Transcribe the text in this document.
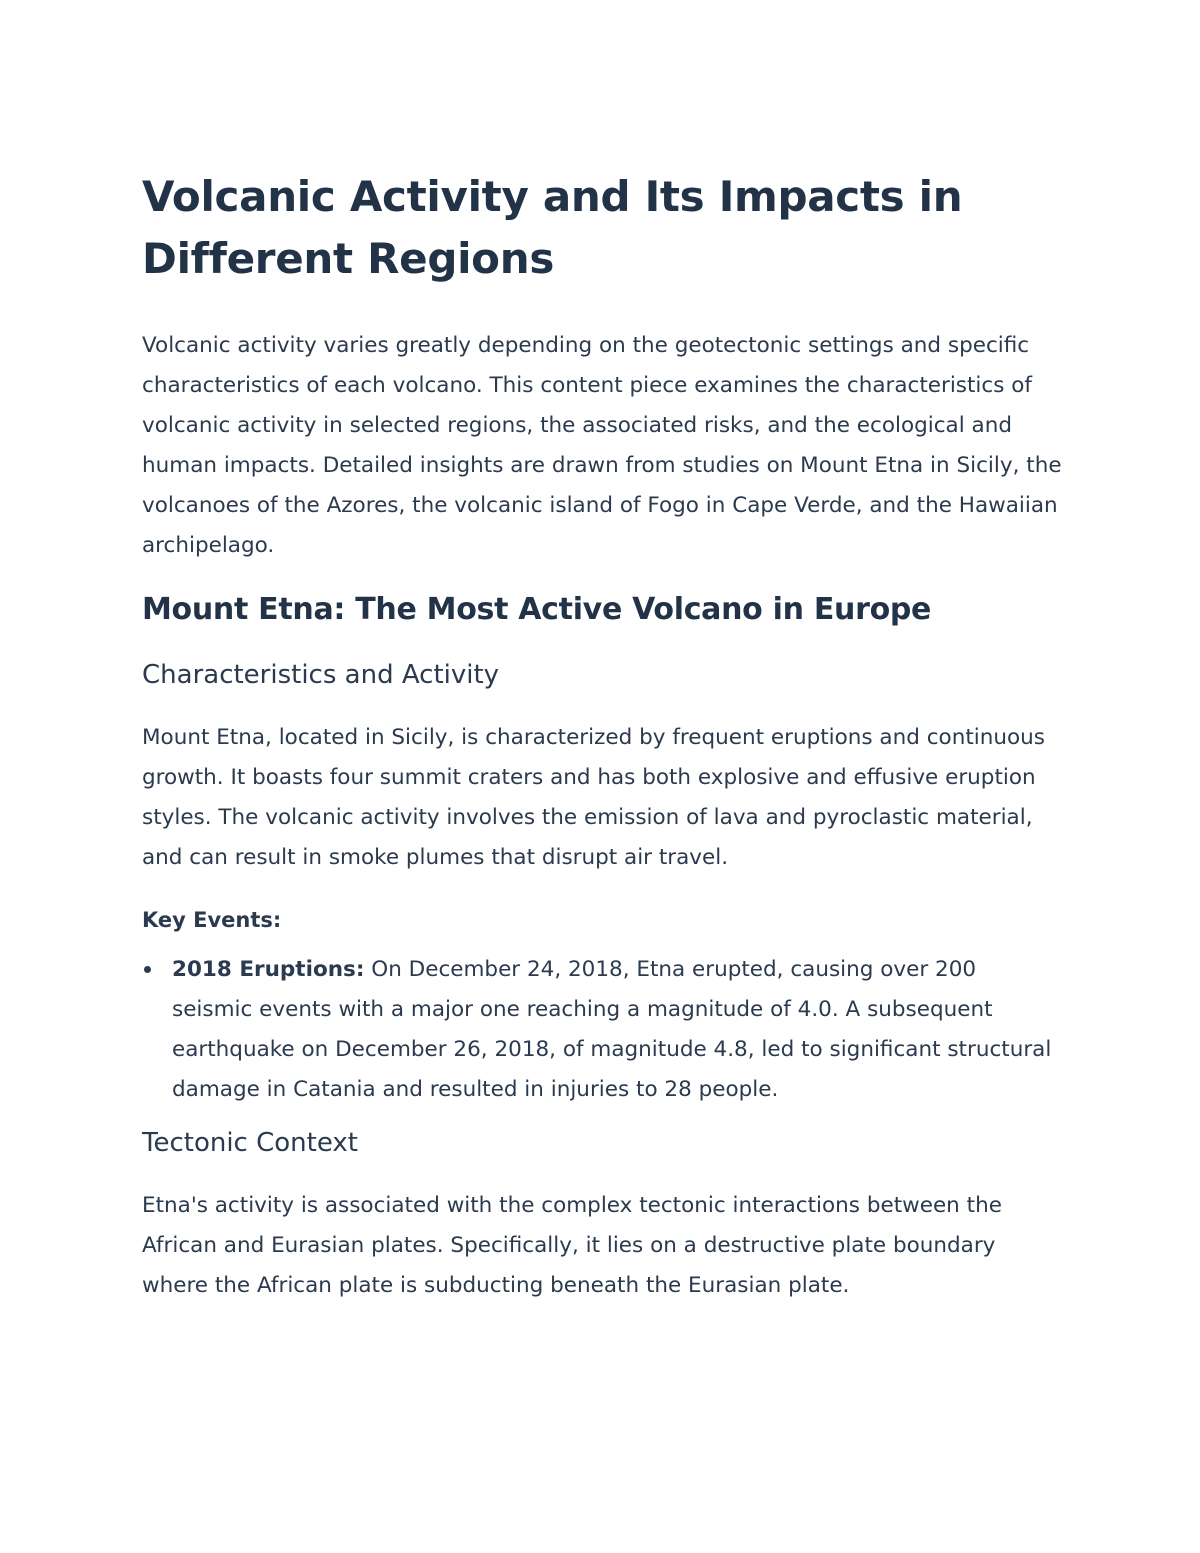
Volcanic Activity and Its Impacts in Different Regions

Volcanic activity varies greatly depending on the geotectonic settings and specific characteristics of each volcano. This content piece examines the characteristics of volcanic activity in selected regions, the associated risks, and the ecological and human impacts. Detailed insights are drawn from studies on Mount Etna in Sicily, the volcanoes of the Azores, the volcanic island of Fogo in Cape Verde, and the Hawaiian archipelago.

Mount Etna: The Most Active Volcano in Europe
Characteristics and Activity

Mount Etna, located in Sicily, is characterized by frequent eruptions and continuous growth. It boasts four summit craters and has both explosive and effusive eruption styles. The volcanic activity involves the emission of lava and pyroclastic material, and can result in smoke plumes that disrupt air travel.

Key Events:
2018 Eruptions: On December 24, 2018, Etna erupted, causing over 200 seismic events with a major one reaching a magnitude of 4.0. A subsequent earthquake on December 26, 2018, of magnitude 4.8, led to significant structural damage in Catania and resulted in injuries to 28 people.
Tectonic Context

Etna's activity is associated with the complex tectonic interactions between the African and Eurasian plates. Specifically, it lies on a destructive plate boundary where the African plate is subducting beneath the Eurasian plate.
